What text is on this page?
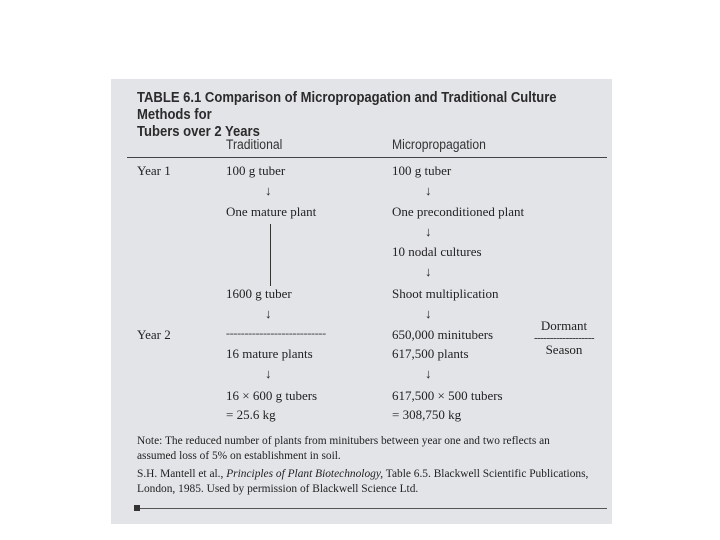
TABLE 6.1 Comparison of Micropropagation and Traditional Culture Methods for
Tubers over 2 Years
Traditional	Micropropagation
Year 1
Year 2
100 g tuber
↓
One mature plant
1600 g tuber
↓
---------------------------
16 mature plants
↓
16 × 600 g tubers
= 25.6 kg
100 g tuber
↓
One preconditioned plant
↓
10 nodal cultures
↓
Shoot multiplication
↓
650,000 minitubers
617,500 plants
↓
617,500 × 500 tubers
= 308,750 kg
Dormant
-------------------
Season
Note: The reduced number of plants from minitubers between year one and two reflects an
assumed loss of 5% on establishment in soil.
S.H. Mantell et al., Principles of Plant Biotechnology, Table 6.5. Blackwell Scientific Publications,
London, 1985. Used by permission of Blackwell Science Ltd.
